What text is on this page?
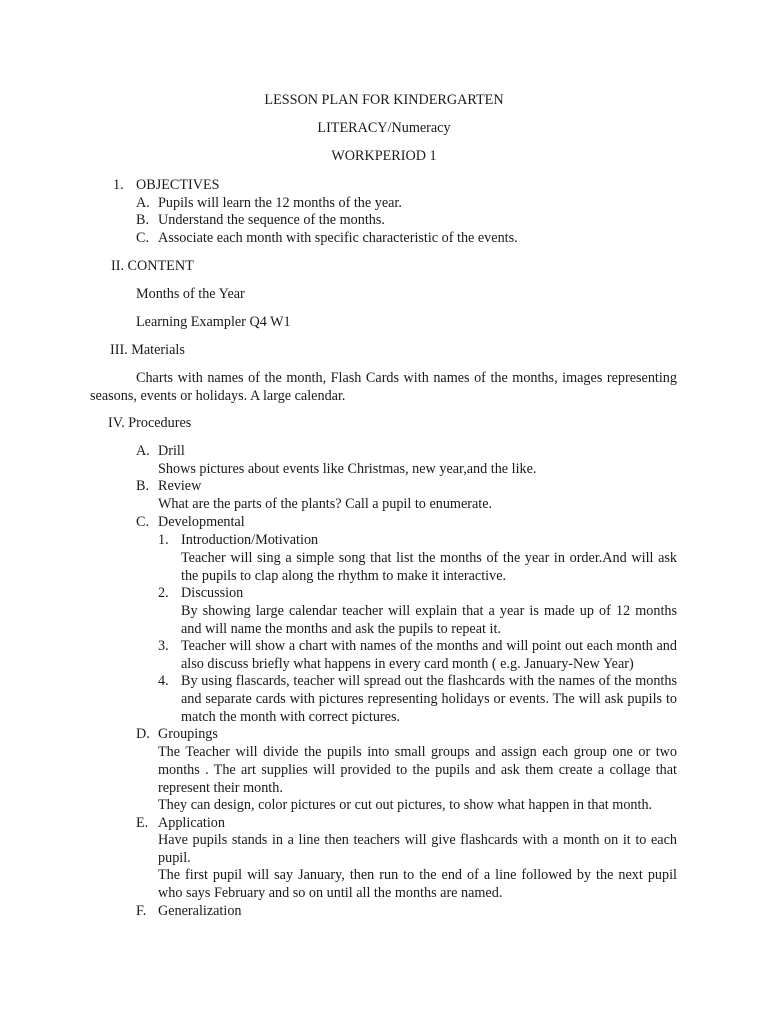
LESSON PLAN FOR KINDERGARTEN
LITERACY/Numeracy
WORKPERIOD 1
1. OBJECTIVES
A. Pupils will learn the 12 months of the year.
B. Understand the sequence of the months.
C. Associate each month with specific characteristic of the events.
II. CONTENT
Months of the Year
Learning Exampler Q4 W1
III. Materials
Charts with names of the month, Flash Cards with names of the months, images representing seasons, events or holidays. A large calendar.
IV. Procedures
A. Drill
Shows pictures about events like Christmas, new year,and the like.
B. Review
What are the parts of the plants? Call a pupil to enumerate.
C. Developmental
1. Introduction/Motivation
Teacher will sing a simple song that list the months of the year in order.And will ask the pupils to clap along the rhythm to make it interactive.
2. Discussion
By showing large calendar teacher will explain that a year is made up of 12 months and will name the months and ask the pupils to repeat it.
3. Teacher will show a chart with names of the months and will point out each month and also discuss briefly what happens in every card month ( e.g. January-New Year)
4. By using flascards, teacher will spread out the flashcards with the names of the months and separate cards with pictures representing holidays or events. The will ask pupils to match the month with correct pictures.
D. Groupings
The Teacher will divide the pupils into small groups and assign each group one or two months . The art supplies will provided to the pupils and ask them create a collage that represent their month.
They can design, color pictures or cut out pictures, to show what happen in that month.
E. Application
Have pupils stands in a line then teachers will give flashcards with a month on it to each pupil.
The first pupil will say January, then run to the end of a line followed by the next pupil who says February and so on until all the months are named.
F. Generalization
